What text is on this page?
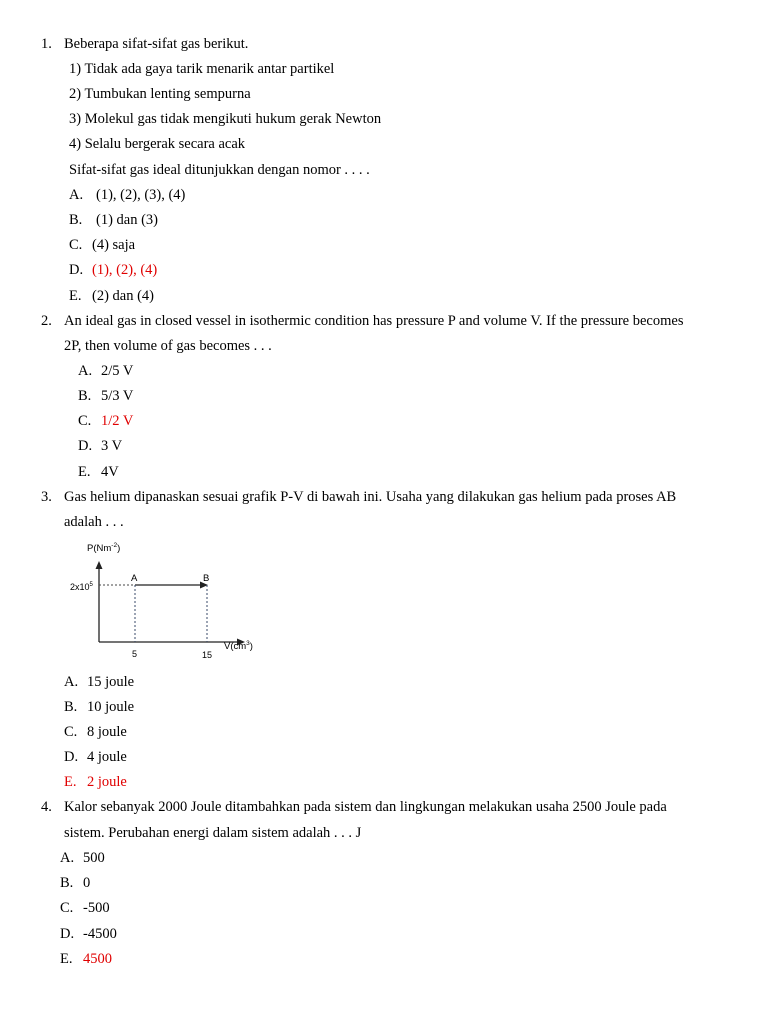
1. Beberapa sifat-sifat gas berikut.
1) Tidak ada gaya tarik menarik antar partikel
2) Tumbukan lenting sempurna
3) Molekul gas tidak mengikuti hukum gerak Newton
4) Selalu bergerak secara acak
Sifat-sifat gas ideal ditunjukkan dengan nomor . . . .
A. (1), (2), (3), (4)
B. (1) dan (3)
C. (4) saja
D. (1), (2), (4)
E. (2) dan (4)
2. An ideal gas in closed vessel in isothermic condition has pressure P and volume V. If the pressure becomes
2P, then volume of gas becomes . . .
A. 2/5 V
B. 5/3 V
C. 1/2 V
D. 3 V
E. 4V
3. Gas helium dipanaskan sesuai grafik P-V di bawah ini. Usaha yang dilakukan gas helium pada proses AB
adalah . . .
$P(Nm^{-2})$
$V(cm^3)$
$2x10^5$
A	B
5	15
A. 15 joule
B. 10 joule
C. 8 joule
D. 4 joule
E. 2 joule
4. Kalor sebanyak 2000 Joule ditambahkan pada sistem dan lingkungan melakukan usaha 2500 Joule pada
sistem. Perubahan energi dalam sistem adalah . . . J
A. 500
B. 0
C. -500
D. -4500
E. 4500
